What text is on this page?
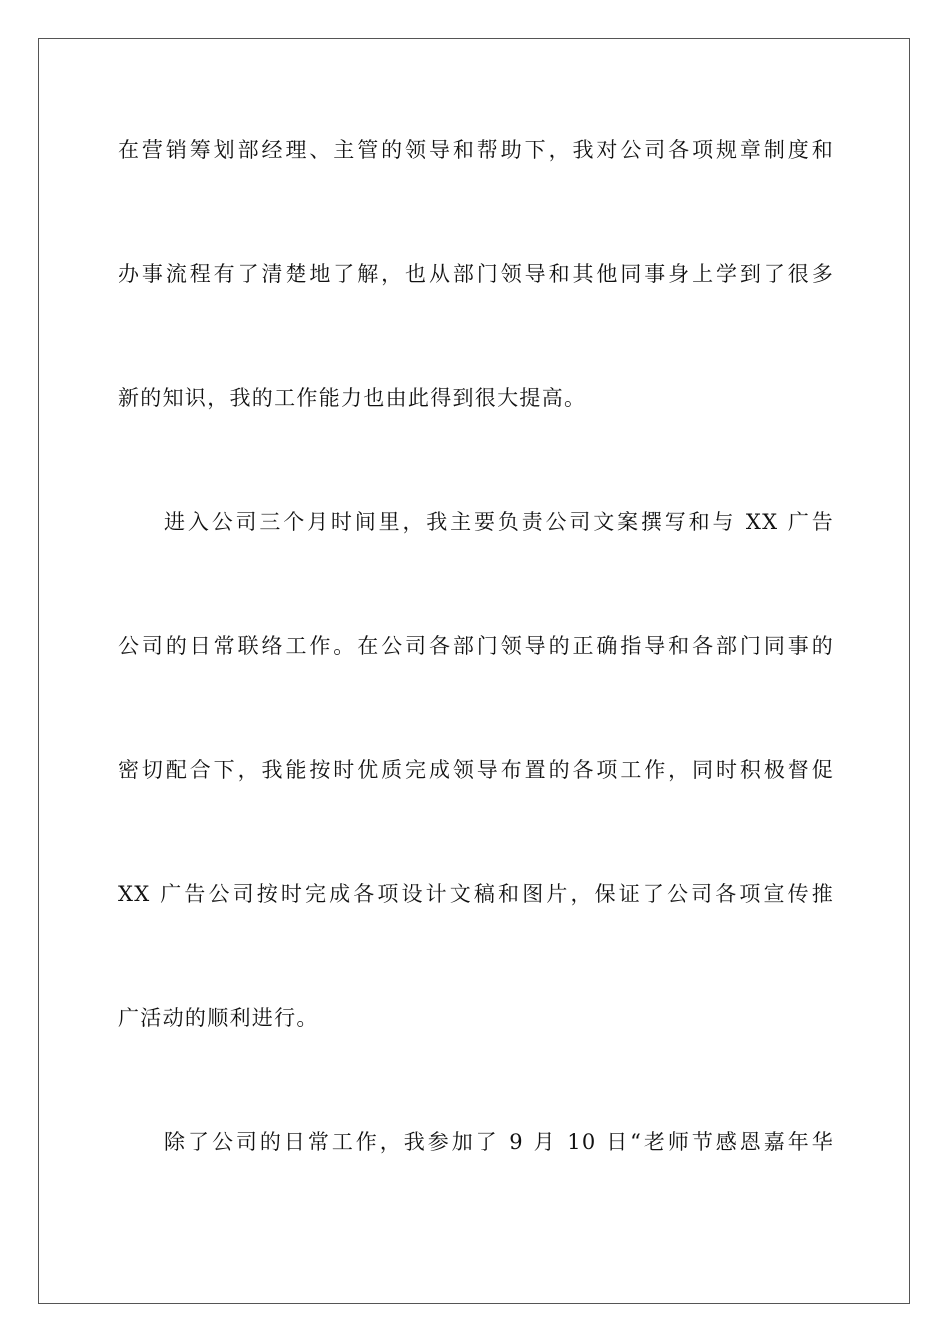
在营销筹划部经理、主管的领导和帮助下，我对公司各项规章制度和
办事流程有了清楚地了解，也从部门领导和其他同事身上学到了很多
新的知识，我的工作能力也由此得到很大提高。
进入公司三个月时间里，我主要负责公司文案撰写和与 XX 广告
公司的日常联络工作。在公司各部门领导的正确指导和各部门同事的
密切配合下，我能按时优质完成领导布置的各项工作，同时积极督促
XX 广告公司按时完成各项设计文稿和图片，保证了公司各项宣传推
广活动的顺利进行。
除了公司的日常工作，我参加了 9 月 10 日“老师节感恩嘉年华
